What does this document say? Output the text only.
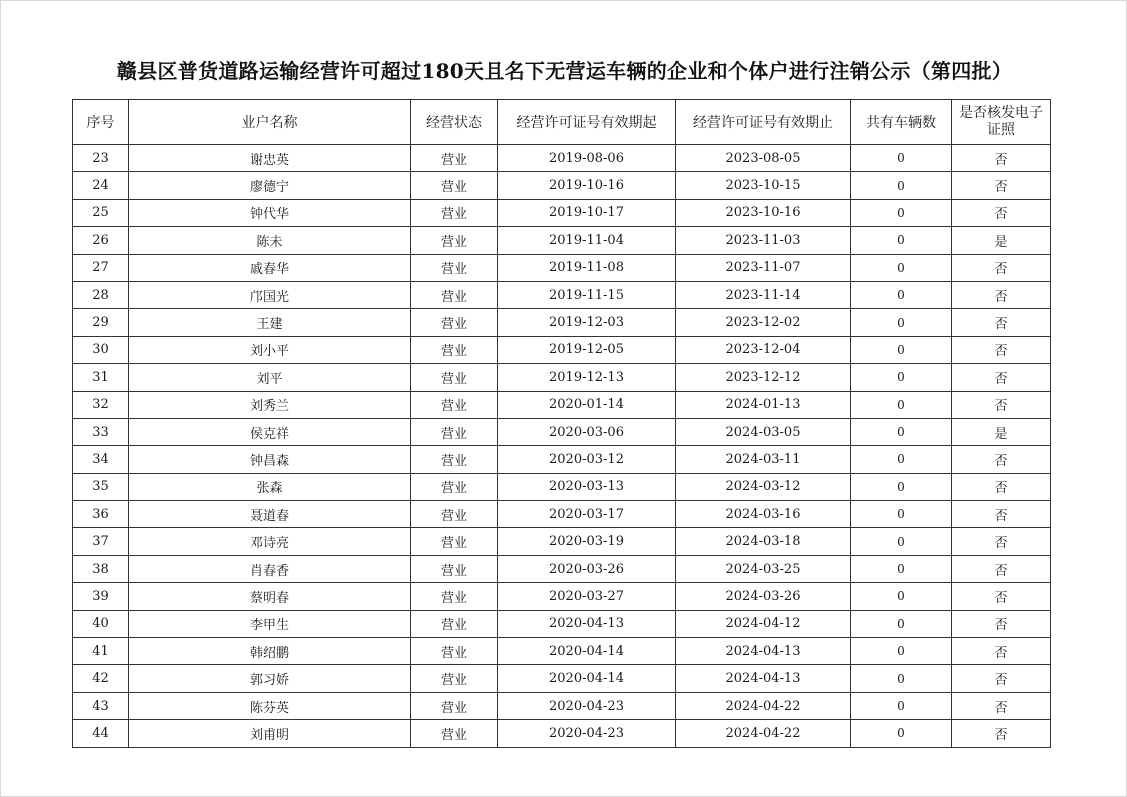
赣县区普货道路运输经营许可超过180天且名下无营运车辆的企业和个体户进行注销公示（第四批）
序号	业户名称	经营状态	经营许可证号有效期起	经营许可证号有效期止	共有车辆数	是否核发电子证照
23	谢忠英	营业	2019-08-06	2023-08-05	0	否
24	廖德宁	营业	2019-10-16	2023-10-15	0	否
25	钟代华	营业	2019-10-17	2023-10-16	0	否
26	陈未	营业	2019-11-04	2023-11-03	0	是
27	戚春华	营业	2019-11-08	2023-11-07	0	否
28	邝国光	营业	2019-11-15	2023-11-14	0	否
29	王建	营业	2019-12-03	2023-12-02	0	否
30	刘小平	营业	2019-12-05	2023-12-04	0	否
31	刘平	营业	2019-12-13	2023-12-12	0	否
32	刘秀兰	营业	2020-01-14	2024-01-13	0	否
33	侯克祥	营业	2020-03-06	2024-03-05	0	是
34	钟昌森	营业	2020-03-12	2024-03-11	0	否
35	张森	营业	2020-03-13	2024-03-12	0	否
36	聂道春	营业	2020-03-17	2024-03-16	0	否
37	邓诗亮	营业	2020-03-19	2024-03-18	0	否
38	肖春香	营业	2020-03-26	2024-03-25	0	否
39	蔡明春	营业	2020-03-27	2024-03-26	0	否
40	李甲生	营业	2020-04-13	2024-04-12	0	否
41	韩绍鹏	营业	2020-04-14	2024-04-13	0	否
42	郭习娇	营业	2020-04-14	2024-04-13	0	否
43	陈芬英	营业	2020-04-23	2024-04-22	0	否
44	刘甫明	营业	2020-04-23	2024-04-22	0	否
